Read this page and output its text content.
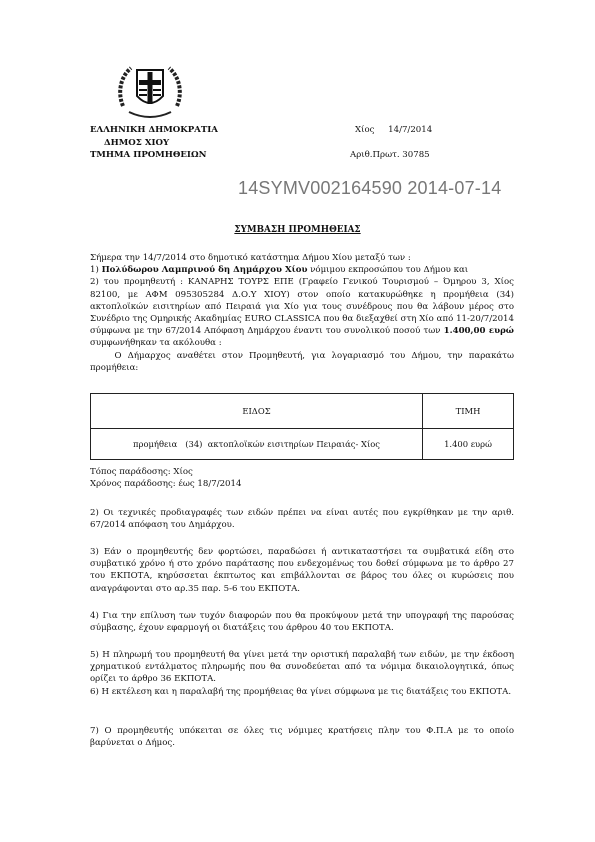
ΕΛΛΗΝΙΚΗ ΔΗΜΟΚΡΑΤΙΑ
ΔΗΜΟΣ ΧΙΟΥ
ΤΜΗΜΑ ΠΡΟΜΗΘΕΙΩΝ
Χίος     14/7/2014
Αριθ.Πρωτ. 30785
14SYMV002164590 2014-07-14
ΣΥΜΒΑΣΗ ΠΡΟΜΗΘΕΙΑΣ

Σήμερα την 14/7/2014 στο δημοτικό κατάστημα Δήμου Χίου μεταξύ των :

1) Πολύδωρου Λαμπρινού δη Δημάρχου Χίου νόμιμου εκπροσώπου του Δήμου και

2) του προμηθευτή : ΚΑΝΑΡΗΣ ΤΟΥΡΣ ΕΠΕ (Γραφείο Γενικού Τουρισμού – Όμηρου 3, Χίος 82100, με ΑΦΜ 095305284 Δ.Ο.Υ ΧΙΟΥ) στον οποίο κατακυρώθηκε η προμήθεια (34) ακτοπλοϊκών εισιτηρίων από Πειραιά για Χίο για τους συνέδρους που θα λάβουν μέρος στο Συνέδριο της Ομηρικής Ακαδημίας EURO CLASSICA που θα διεξαχθεί στη Χίο από 11-20/7/2014 σύμφωνα με την 67/2014 Απόφαση Δημάρχου έναντι του συνολικού ποσού των 1.400,00 ευρώ συμφωνήθηκαν τα ακόλουθα :

Ο Δήμαρχος αναθέτει στον Προμηθευτή, για λογαριασμό του Δήμου, την παρακάτω προμήθεια:

ΕΙΔΟΣ	ΤΙΜΗ
προμήθεια   (34)  ακτοπλοϊκών εισιτηρίων Πειραιάς- Χίος	1.400 ευρώ

Τόπος παράδοσης: Χίος

Χρόνος παράδοσης: έως 18/7/2014

2) Οι τεχνικές προδιαγραφές των ειδών πρέπει να είναι αυτές που εγκρίθηκαν με την αριθ. 67/2014 απόφαση του Δημάρχου.
3) Εάν ο προμηθευτής δεν φορτώσει, παραδώσει ή αντικαταστήσει τα συμβατικά είδη στο συμβατικό χρόνο ή στο χρόνο παράτασης που ενδεχομένως του δοθεί σύμφωνα με το άρθρο 27 του ΕΚΠΟΤΑ, κηρύσσεται έκπτωτος και επιβάλλονται σε βάρος του όλες οι κυρώσεις που αναγράφονται στο αρ.35 παρ. 5-6 του ΕΚΠΟΤΑ.
4) Για την επίλυση των τυχόν διαφορών που θα προκύψουν μετά την υπογραφή της παρούσας σύμβασης, έχουν εφαρμογή οι διατάξεις του άρθρου 40 του ΕΚΠΟΤΑ.
5) Η πληρωμή του προμηθευτή θα γίνει μετά την οριστική παραλαβή των ειδών, με την έκδοση χρηματικού εντάλματος πληρωμής που θα συνοδεύεται από τα νόμιμα δικαιολογητικά, όπως ορίζει το άρθρο 36 ΕΚΠΟΤΑ.
6) Η εκτέλεση και η παραλαβή της προμήθειας θα γίνει σύμφωνα με τις διατάξεις του ΕΚΠΟΤΑ.
7) Ο προμηθευτής υπόκειται σε όλες τις νόμιμες κρατήσεις πλην του Φ.Π.Α με το οποίο βαρύνεται ο Δήμος.
